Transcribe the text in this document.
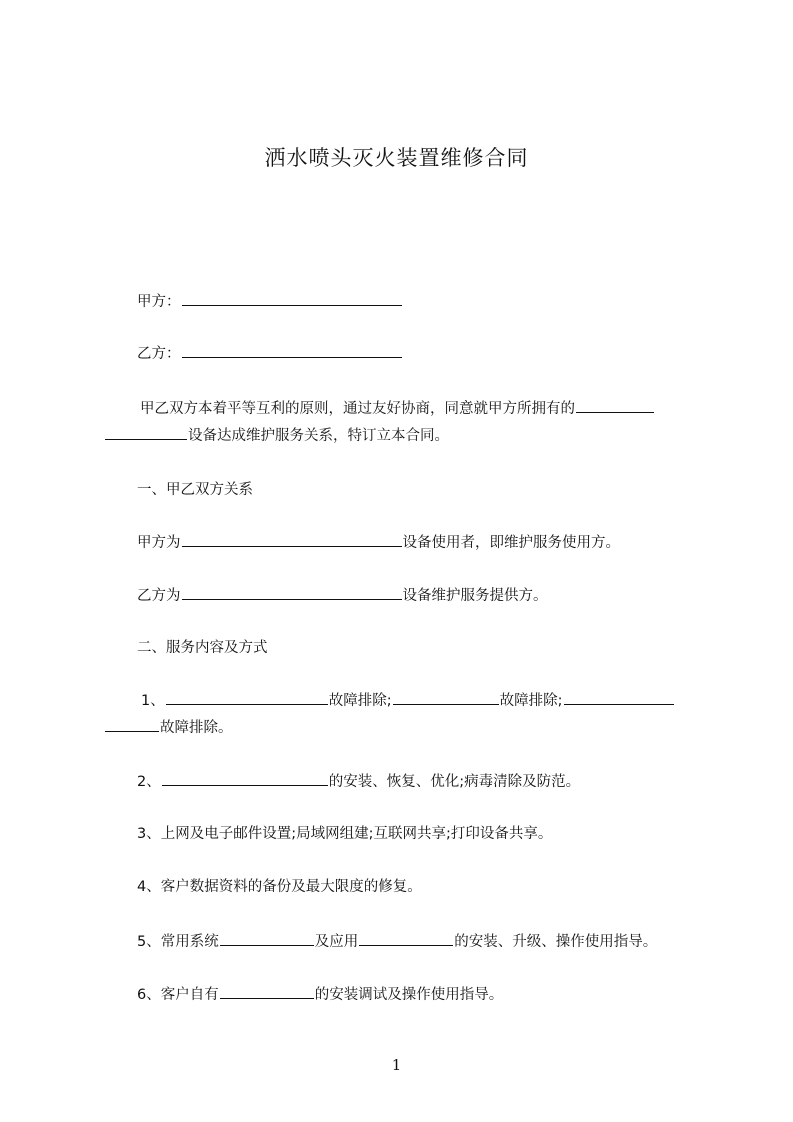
洒水喷头灭火装置维修合同
甲方：
乙方：
甲乙双方本着平等互利的原则，通过友好协商，同意就甲方所拥有的
设备达成维护服务关系，特订立本合同。
一、甲乙双方关系
甲方为	设备使用者，即维护服务使用方。
乙方为	设备维护服务提供方。
二、服务内容及方式
1、	故障排除;	故障排除;
故障排除。
2、	的安装、恢复、优化;病毒清除及防范。
3、上网及电子邮件设置;局域网组建;互联网共享;打印设备共享。
4、客户数据资料的备份及最大限度的修复。
5、常用系统	及应用	的安装、升级、操作使用指导。
6、客户自有	的安装调试及操作使用指导。
1
